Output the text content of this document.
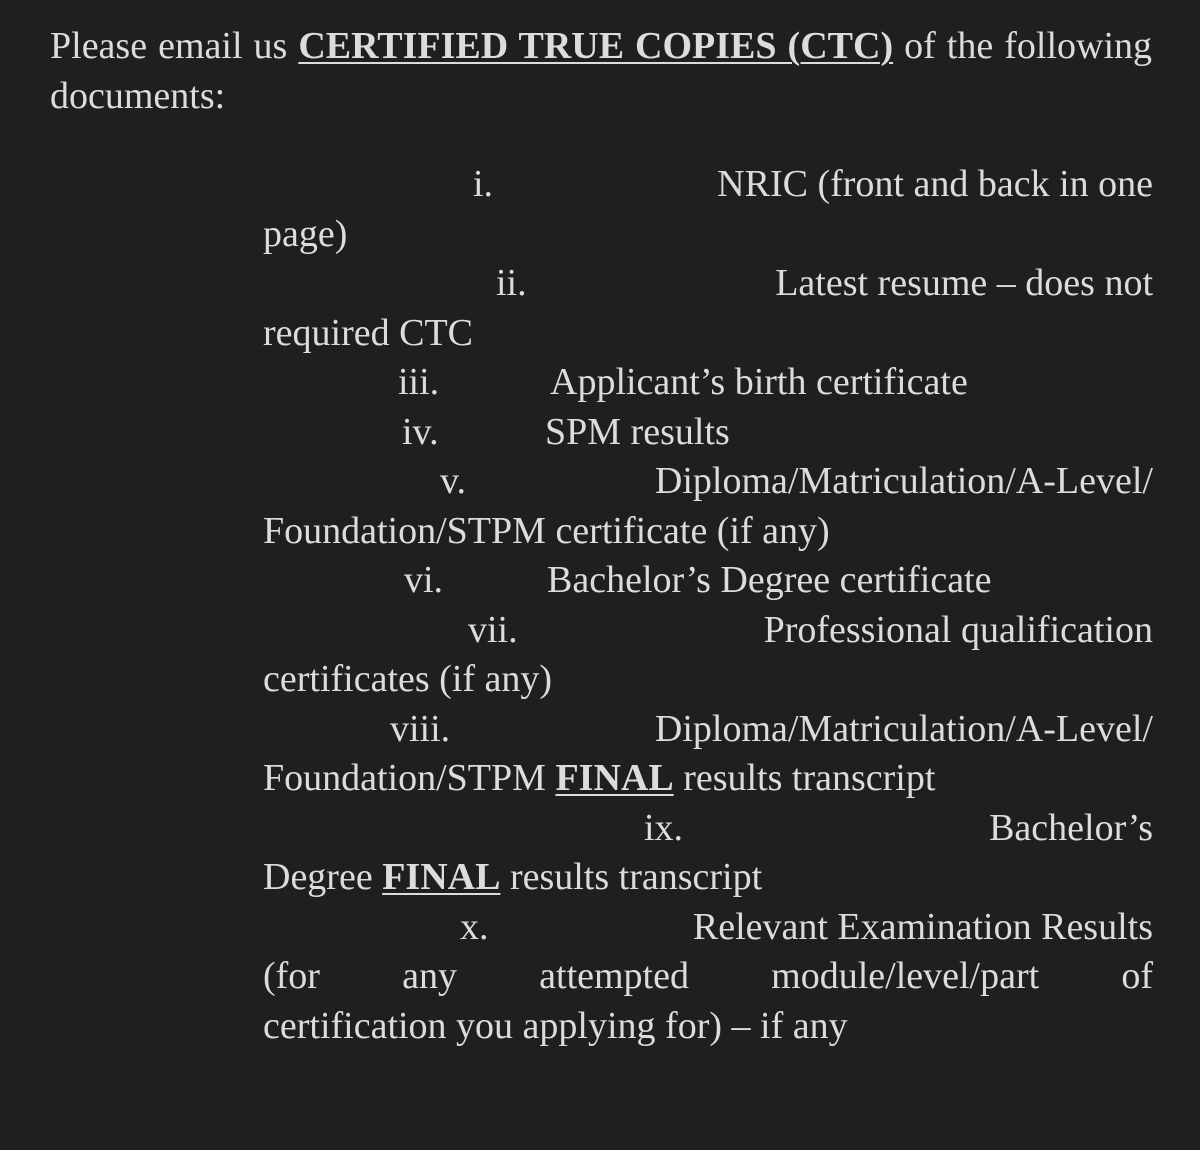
Please email us CERTIFIED TRUE COPIES (CTC) of the following documents:

i.

	NRIC (front and back in one

page)

ii.

	Latest resume – does not

required CTC

iii.

	Applicant’s birth certificate

iv.

	SPM results

v.

	Diploma/Matriculation/A-Level/

Foundation/STPM certificate (if any)

vi.

	Bachelor’s Degree certificate

vii.

	Professional qualification

certificates (if any)

viii.

	Diploma/Matriculation/A-Level/

Foundation/STPM FINAL results transcript

ix.

	Bachelor’s

Degree FINAL results transcript

x.

	Relevant Examination Results

(for any attempted module/level/part of

certification you applying for) – if any
